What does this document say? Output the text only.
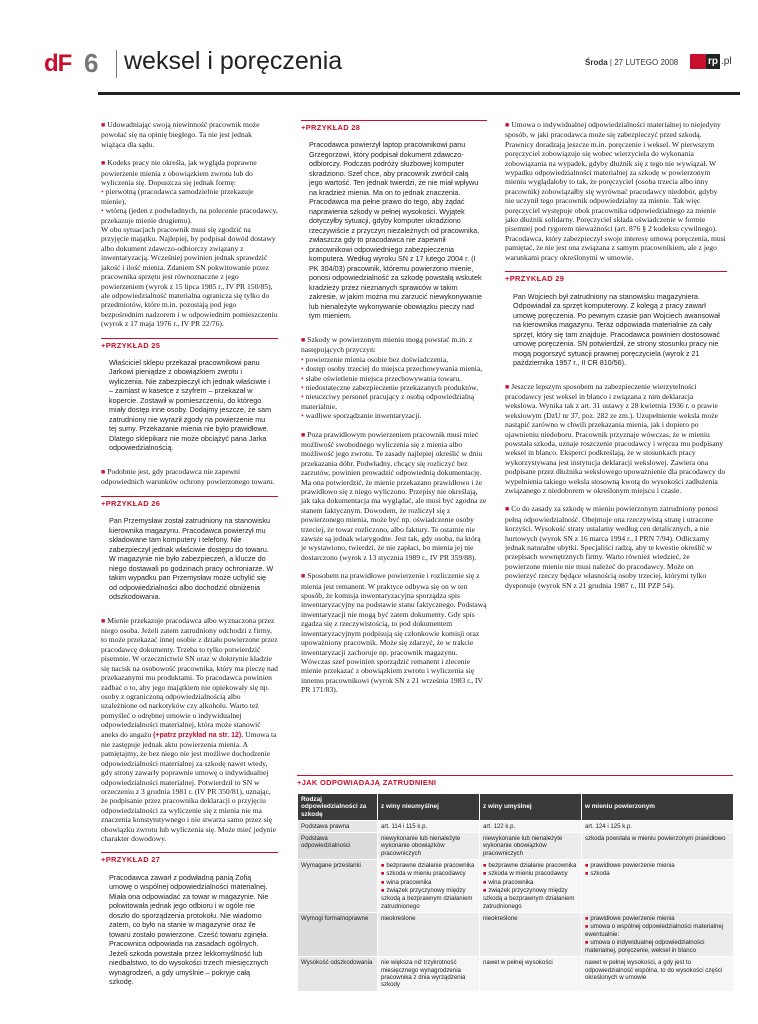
dF 6 weksel i poręczenia	Środa | 27 LUTEGO 2008	rp .pl

■ Udowadniając swoją niewinność pracownik może powołać się na opinię biegłego. Ta nie jest jednak wiążąca dla sądu.

■ Kodeks pracy nie określa, jak wygląda poprawne powierzenie mienia z obowiązkiem zwrotu lub do wyliczenia się. Dopuszcza się jednak formę:

• pierwotną (pracodawca samodzielnie przekazuje mienie),

• wtórną (jeden z podwładnych, na polecenie pracodawcy, przekazuje mienie drugiemu).

W obu sytuacjach pracownik musi się zgodzić na przyjęcie majątku. Najlepiej, by podpisał dowód dostawy albo dokument zdawczo-odbiorczy związany z inwentaryzacją. Wcześniej powinien jednak sprawdzić jakość i ilość mienia. Zdaniem SN pokwitowanie przez pracownika sprzętu jest równoznaczne z jego powierzeniem (wyrok z 15 lipca 1985 r., IV PR 150/85), ale odpowiedzialność materialna ogranicza się tylko do przedmiotów, które m.in. pozostają pod jego bezpośrednim nadzorem i w odpowiednim pomieszczeniu (wyrok z 17 maja 1976 r., IV PR 22/76).

+PRZYKŁAD 25
Właściciel sklepu przekazał pracownikowi panu Jarkowi pieniądze z obowiązkiem zwrotu i wyliczenia. Nie zabezpieczył ich jednak właściwie i – zamiast w kasetce z szyfrem – przekazał w kopercie. Zostawił w pomieszczeniu, do którego miały dostęp inne osoby. Dodajmy jeszcze, że sam zatrudniony nie wyraził zgody na powierzenie mu tej sumy. Przekazanie mienia nie było prawidłowe. Dlatego sklepikarz nie może obciążyć pana Jarka odpowiedzialnością.

■ Podobnie jest, gdy pracodawca nie zapewni odpowiednich warunków ochrony powierzonego towaru.

+PRZYKŁAD 26
Pan Przemysław został zatrudniony na stanowisku kierownika magazynu. Pracodawca powierzył mu składowane tam komputery i telefony. Nie zabezpieczył jednak właściwie dostępu do towaru. W magazynie nie było zabezpieczeń, a klucze do niego dostawali po godzinach pracy ochroniarze. W takim wypadku pan Przemysław może uchylić się od odpowiedzialności albo dochodzić obniżenia odszkodowania.

■ Mienie przekazuje pracodawca albo wyznaczona przez niego osoba. Jeżeli zatem zatrudniony odchodzi z firmy, to może przekazać innej osobie z działu powierzone przez pracodawcę dokumenty. Trzeba to tylko potwierdzić pisemnie. W orzecznictwie SN oraz w doktrynie kładzie się nacisk na osobowość pracownika, który ma pieczę nad przekazanymi mu produktami. To pracodawca powinien zadbać o to, aby jego majątkiem nie opiekowały się np. osoby z ograniczoną odpowiedzialnością albo uzależnione od narkotyków czy alkoholu. Warto też pomyśleć o odrębnej umowie o indywidualnej odpowiedzialności materialnej, która może stanowić aneks do angażu (+patrz przykład na str. 12). Umowa ta nie zastępuje jednak aktu powierzenia mienia. A pamiętajmy, że bez niego nie jest możliwe dochodzenie odpowiedzialności materialnej za szkodę nawet wtedy, gdy strony zawarły poprawnie umowę o indywidualnej odpowiedzialności materialnej. Potwierdził to SN w orzeczeniu z 3 grudnia 1981 r. (IV PR 350/81), uznając, że podpisanie przez pracownika deklaracji o przyjęciu odpowiedzialności za wyliczenie się z mienia nie ma znaczenia konstytutywnego i nie stwarza samo przez się obowiązku zwrotu lub wyliczenia się. Może mieć jedynie charakter dowodowy.

+PRZYKŁAD 27
Pracodawca zawarł z podwładną panią Zofią umowę o wspólnej odpowiedzialności materialnej. Miała ona odpowiadać za towar w magazynie. Nie pokwitowała jednak jego odbioru i w ogóle nie doszło do sporządzenia protokołu. Nie wiadomo zatem, co było na stanie w magazynie oraz ile towaru zostało powierzone. Cześć towaru zginęła. Pracownica odpowiada na zasadach ogólnych. Jeżeli szkoda powstała przez lekkomyślność lub niedbalstwo, to do wysokości trzech miesięcznych wynagrodzeń, a gdy umyślnie – pokryje całą szkodę.
+PRZYKŁAD 28
Pracodawca powierzył laptop pracownikowi panu Grzegorzowi, który podpisał dokument zdawczo-odbiorczy. Podczas podróży służbowej komputer skradziono. Szef chce, aby pracownik zwrócił całą jego wartość. Ten jednak twierdzi, że nie miał wpływu na kradzież mienia. Ma on to jednak znaczenia. Pracodawca ma pełne prawo do tego, aby żądać naprawienia szkody w pełnej wysokości. Wyjątek dotyczyłby sytuacji, gdyby komputer ukradziono rzeczywiście z przyczyn niezależnych od pracownika, zwłaszcza gdy to pracodawca nie zapewnił pracownikowi odpowiedniego zabezpieczenia komputera. Według wyroku SN z 17 lutego 2004 r. (I PK 304/03) pracownik, któremu powierzono mienie, ponosi odpowiedzialność za szkodę powstałą wskutek kradzieży przez nieznanych sprawców w takim zakresie, w jakim można mu zarzucić niewykonywanie lub nienależyte wykonywanie obowiązku pieczy nad tym mieniem.

■ Szkody w powierzonym mieniu mogą powstać m.in. z następujących przyczyn:

• powierzenie mienia osobie bez doświadczenia,

• dostęp osoby trzeciej do miejsca przechowywania mienia,

• słabe oświetlenie miejsca przechowywania towaru,

• niedostateczne zabezpieczenie przekazanych produktów,

• nieuczciwy personel pracujący z osobą odpowiedzialną materialnie,

• wadliwe sporządzanie inwentaryzacji.

■ Poza prawidłowym powierzeniem pracownik musi mieć możliwość swobodnego wyliczenia się z mienia albo możliwość jego zwrotu. Te zasady najlepiej określić w dniu przekazania dóbr. Podwładny, chcący się rozliczyć bez zarzutów, powinien prowadzić odpowiednią dokumentację. Ma ona potwierdzić, że mienie przekazano prawidłowo i że prawidłowo się z niego wyliczono. Przepisy nie określają, jak taka dokumentacja ma wyglądać, ale musi być zgodna ze stanem faktycznym. Dowodem, że rozliczył się z powierzonego mienia, może być np. oświadczenie osoby trzeciej, że towar rozliczono, albo faktury. Te ostatnie nie zawsze są jednak wiarygodne. Jest tak, gdy osoba, na którą je wystawiono, twierdzi, że nie zapłaci, bo mienia jej nie dostarczono (wyrok z 13 stycznia 1989 r., IV PR 359/88).

■ Sposobem na prawidłowe powierzenie i rozliczenie się z mienia jest remanent. W praktyce odbywa się on w ten sposób, że komisja inwentaryzacyjna sporządza spis inwentaryzacyjny na podstawie stanu faktycznego. Podstawą inwentaryzacji nie mogą być zatem dokumenty. Gdy spis zgadza się z rzeczywistością, to pod dokumentem inwentaryzacyjnym podpisują się członkowie komisji oraz upoważniony pracownik. Może się zdarzyć, że w trakcie inwentaryzacji zachoruje np. pracownik magazynu. Wówczas szef powinien sporządzić remanent i zlecenie mienie przekazać z obowiązkiem zwrotu i wyliczenia się innemu pracownikowi (wyrok SN z 21 września 1983 r., IV PR 171/83).

■ Umowa o indywidualnej odpowiedzialności materialnej to niejedyny sposób, w jaki pracodawca może się zabezpieczyć przed szkodą. Prawnicy doradzają jeszcze m.in. poręczenie i weksel. W pierwszym poręczyciel zobowiązuje się wobec wierzyciela do wykonania zobowiązania na wypadek, gdyby dłużnik się z tego nie wywiązał. W wypadku odpowiedzialności materialnej za szkodę w powierzonym mieniu wyglądałoby to tak, że poręczyciel (osoba trzecia albo inny pracownik) zobowiązałby się wyrównać pracodawcy niedobór, gdyby nie uczynił tego pracownik odpowiedzialny za mienie. Tak więc poręczyciel występuje obok pracownika odpowiedzialnego za mienie jako dłużnik solidarny. Poręczyciel składa oświadczenie w formie pisemnej pod rygorem nieważności (art. 876 § 2 kodeksu cywilnego). Pracodawca, który zabezpieczył swoje interesy umową poręczenia, musi pamiętać, że nie jest ona związana z samym pracownikiem, ale z jego warunkami pracy określonymi w umowie.

+PRZYKŁAD 29
Pan Wojciech był zatrudniony na stanowisku magazyniera. Odpowiadał za sprzęt komputerowy. Z kolegą z pracy zawarł umowę poręczenia. Po pewnym czasie pan Wojciech awansował na kierownika magazynu. Teraz odpowiada materialnie za cały sprzęt, który się tam znajduje. Pracodawca powinien dostosować umowę poręczenia. SN potwierdził, że strony stosunku pracy nie mogą pogorszyć sytuacji prawnej poręczyciela (wyrok z 21 października 1957 r., II CR 810/56).

■ Jeszcze lepszym sposobem na zabezpieczenie wierzytelności pracodawcy jest weksel in blanco i związana z nim deklaracja wekslowa. Wynika tak z art. 31 ustawy z 28 kwietnia 1936 r. o prawie wekslowym (DzU nr 37, poz. 282 ze zm.). Uzupełnienie weksla może nastąpić zarówno w chwili przekazania mienia, jak i dopiero po ujawnieniu niedoboru. Pracownik przyznaje wówczas, że w mieniu powstała szkoda, uznaje roszczenie pracodawcy i wręcza mu podpisany weksel in blanco. Eksperci podkreślają, że w stosunkach pracy wykorzystywana jest instytucja deklaracji wekslowej. Zawiera ona podpisane przez dłużnika wekslowego upoważnienie dla pracodawcy do wypełnienia takiego weksla stosowną kwotą do wysokości zadłużenia związanego z niedoborem w określonym miejscu i czasie.

■ Co do zasady za szkodę w mieniu powierzonym zatrudniony ponosi pełną odpowiedzialność. Obejmuje ona rzeczywistą stratę i utracone korzyści. Wysokość straty ustalamy według cen detalicznych, a nie hurtowych (wyrok SN z 16 marca 1994 r., I PRN 7/94). Odliczamy jednak naturalne ubytki. Specjaliści radzą, aby te kwestie określić w przepisach wewnętrznych firmy. Warto również wiedzieć, że powierzone mienie nie musi należeć do pracodawcy. Może on powierzyć rzeczy będące własnością osoby trzeciej, którymi tylko dysponuje (wyrok SN z 21 grudnia 1987 r., III PZP 54).

+JAK ODPOWIADAJĄ ZATRUDNIENI
Rodzaj odpowiedzialności za szkodę	z winy nieumyślnej	z winy umyślnej	w mieniu powierzonym
Podstawa prawna	art. 114 i 115 k.p.	art. 122 k.p.	art. 124 i 125 k.p.
Podstawa odpowiedzialności	niewykonanie lub nienależyte wykonanie obowiązków pracowniczych	niewykonanie lub nienależyte wykonanie obowiązków pracowniczych	szkoda powstała w mieniu powierzonym prawidłowo
Wymagane przesłanki	■ bezprawne działanie pracownika
■ szkoda w mieniu pracodawcy
■ wina pracownika
■ związek przyczynowy między szkodą a bezprawnym działaniem zatrudnionego	■ bezprawne działanie pracownika
■ szkoda w mieniu pracodawcy
■ wina pracownika
■ związek przyczynowy między szkodą a bezprawnym działaniem zatrudnionego	■ prawidłowe powierzenie mienia
■ szkoda

Wymogi formalnoprawne	nieokreślone	nieokreślone	■ prawidłowe powierzenie mienia
■ umowa o wspólnej odpowiedzialności materialnej ewentualnie:
■ umowa o indywidualnej odpowiedzialności materialnej, poręczenie, weksel in blanco

Wysokość odszkodowania	nie większa niż trzykrotność miesięcznego wynagrodzenia pracownika z dnia wyrządzenia szkody	nawet w pełnej wysokości	nawet w pełnej wysokości, a gdy jest to odpowiedzialność wspólna, to do wysokości części określonych w umowie
